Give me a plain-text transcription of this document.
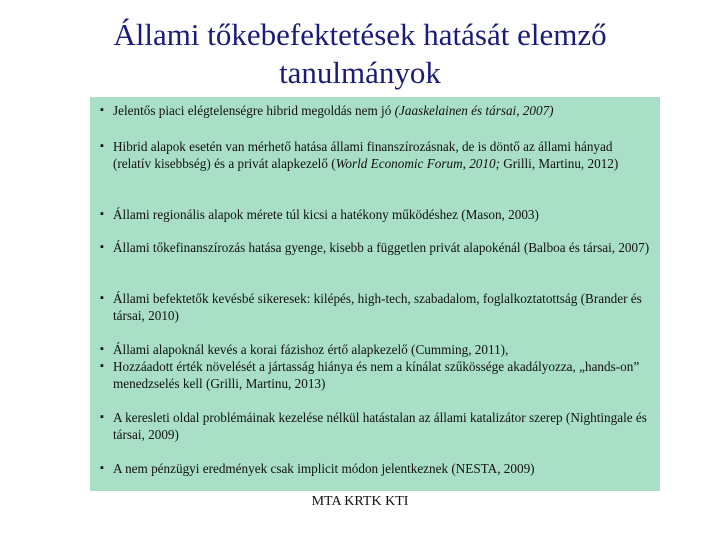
Állami tőkebefektetések hatását elemző
tanulmányok
▪ Jelentős piaci elégtelenségre hibrid megoldás nem jó (Jaaskelainen és társai, 2007)
▪ Hibrid alapok esetén van mérhető hatása állami finanszírozásnak, de is döntő az állami hányad (relatív kisebbség) és a privát alapkezelő (World Economic Forum, 2010; Grilli, Martinu, 2012)
▪ Állami regionális alapok mérete túl kicsi a hatékony működéshez (Mason, 2003)
▪ Állami tőkefinanszírozás hatása gyenge, kisebb a független privát alapokénál (Balboa és társai, 2007)
▪ Állami befektetők kevésbé sikeresek: kilépés, high-tech, szabadalom, foglalkoztatottság (Brander és társai, 2010)
▪ Állami alapoknál kevés a korai fázishoz értő alapkezelő (Cumming, 2011),
▪ Hozzáadott érték növelését a jártasság hiánya és nem a kínálat szűkössége akadályozza, „hands-on” menedzselés kell (Grilli, Martinu, 2013)
▪ A keresleti oldal problémáinak kezelése nélkül hatástalan az állami katalizátor szerep (Nightingale és társai, 2009)
▪ A nem pénzügyi eredmények csak implicit módon jelentkeznek (NESTA, 2009)
MTA KRTK KTI
